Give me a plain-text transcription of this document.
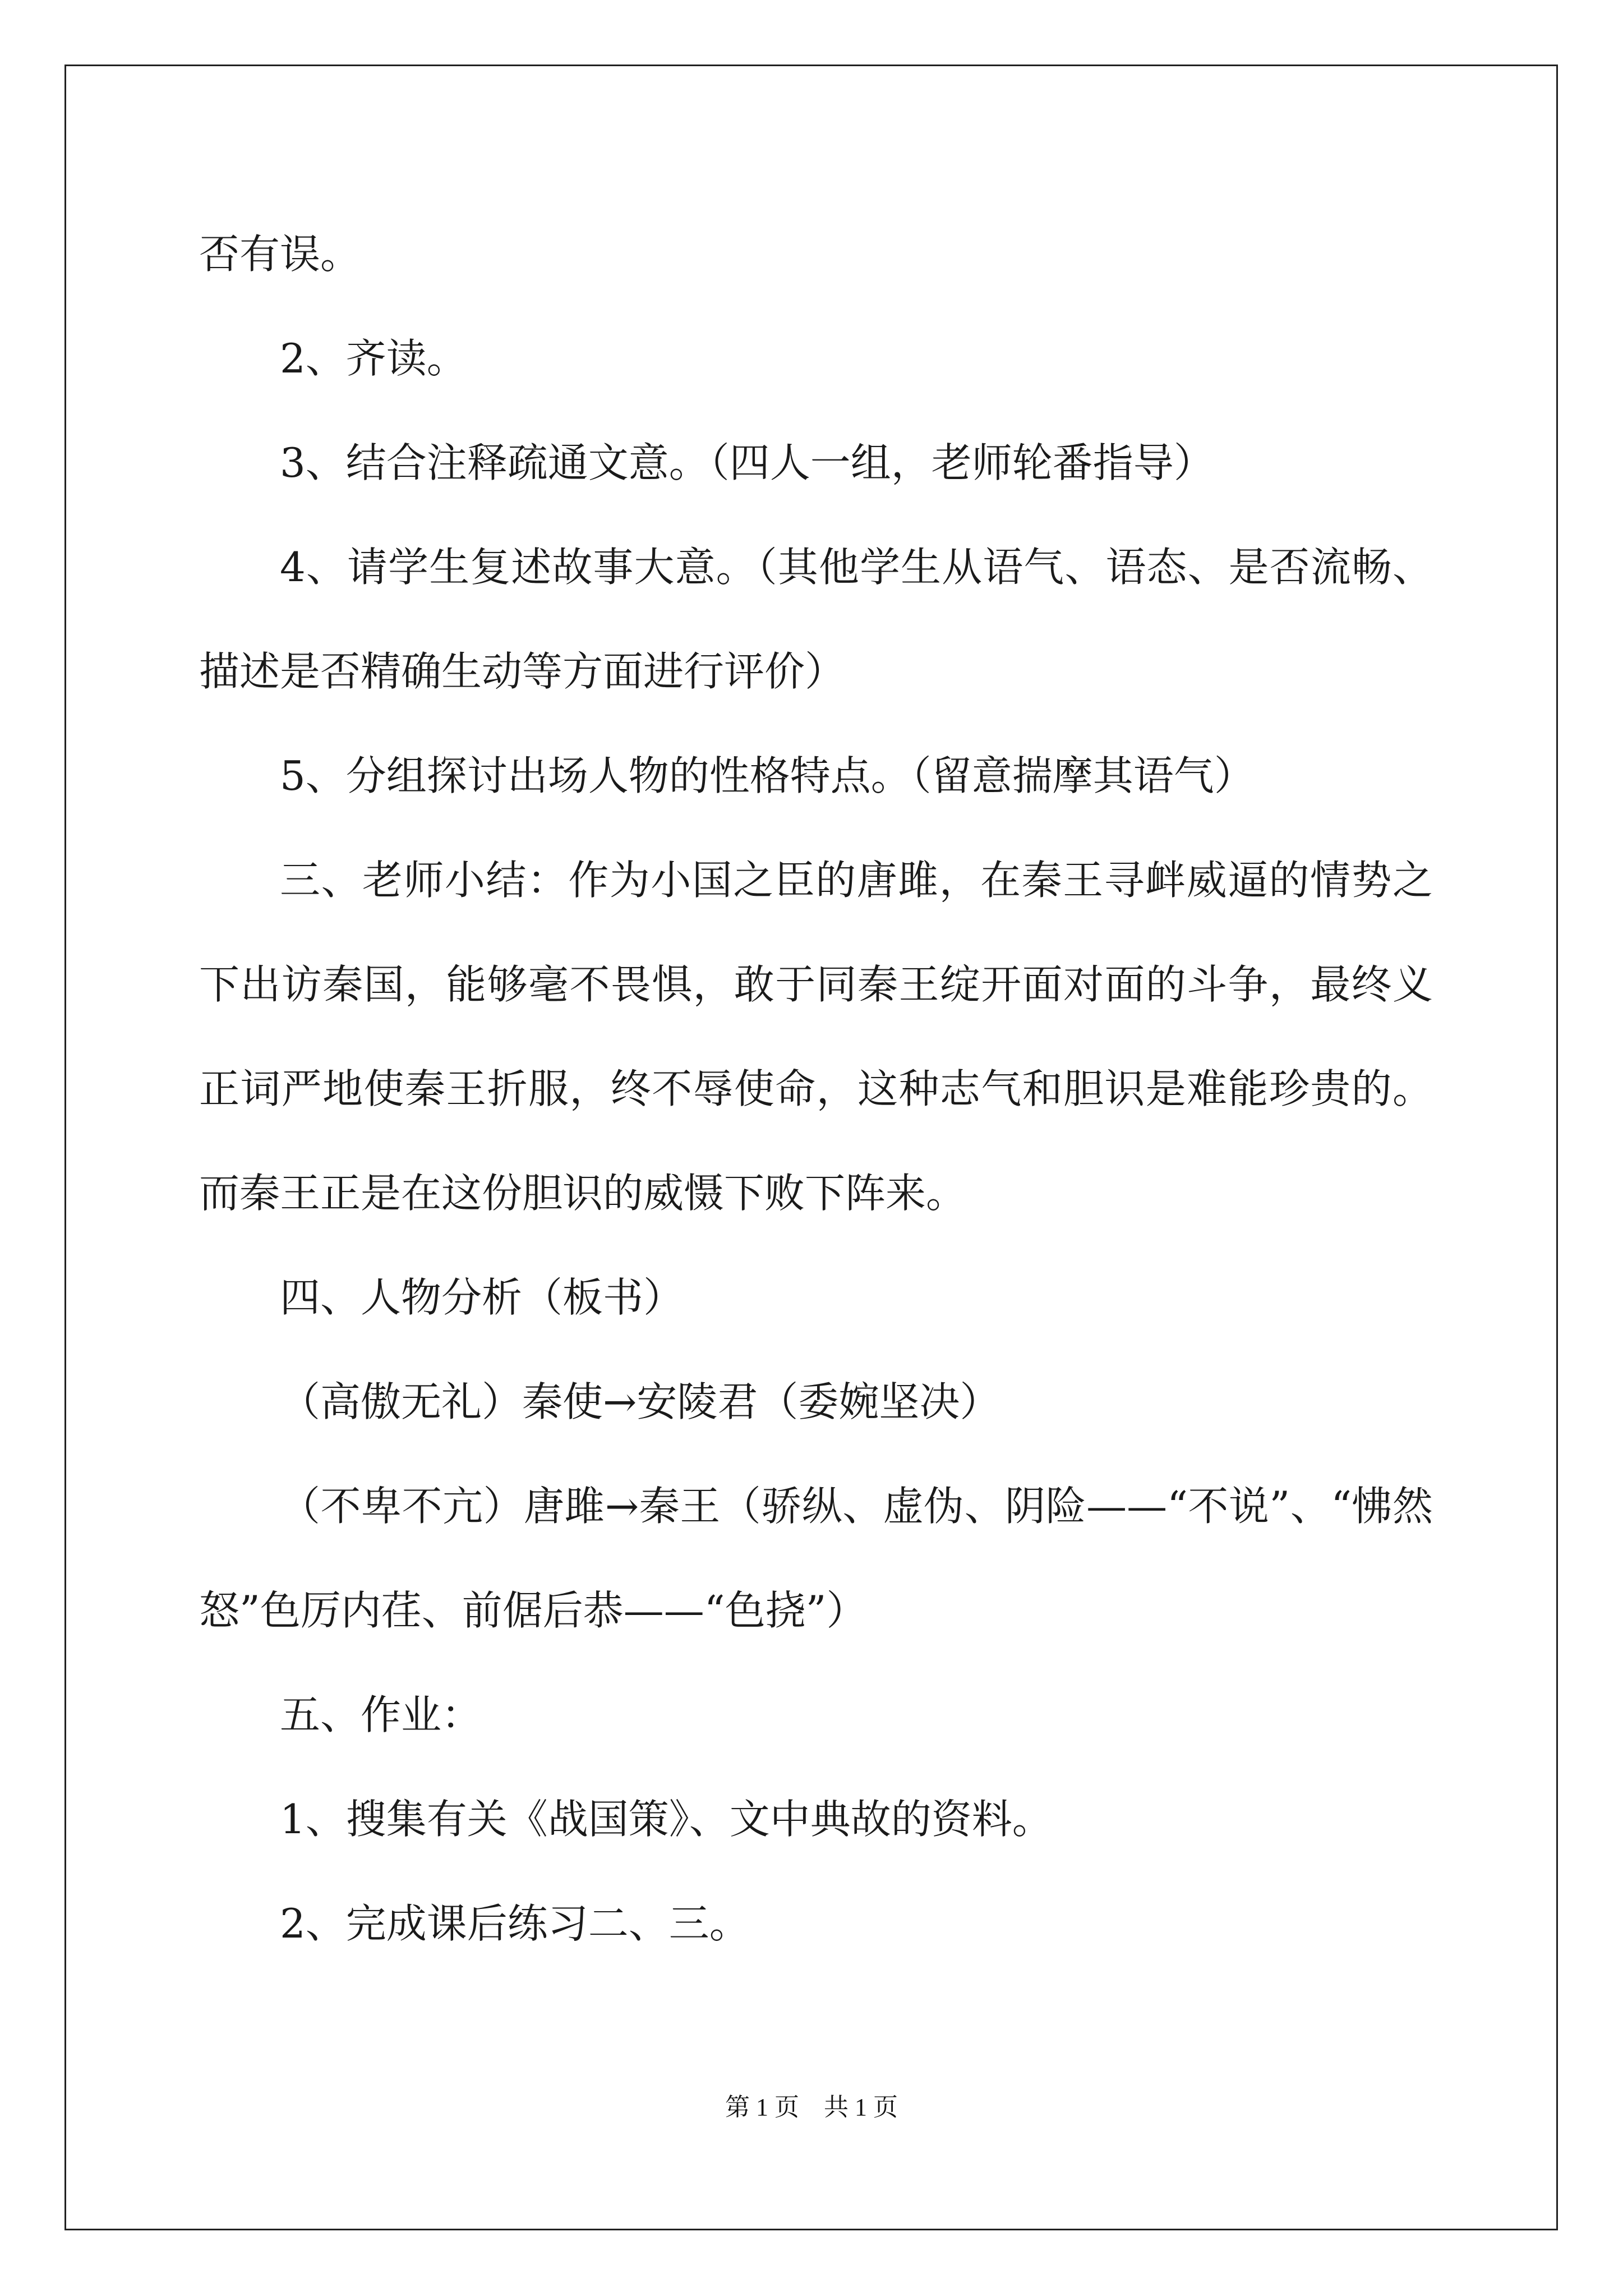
否有误。

2、齐读。

3、结合注释疏通文意。（四人一组，老师轮番指导）

4、请学生复述故事大意。（其他学生从语气、语态、是否流畅、描述是否精确生动等方面进行评价）

5、分组探讨出场人物的性格特点。（留意揣摩其语气）

三、老师小结：作为小国之臣的唐雎，在秦王寻衅威逼的情势之下出访秦国，能够毫不畏惧，敢于同秦王绽开面对面的斗争，最终义正词严地使秦王折服，终不辱使命，这种志气和胆识是难能珍贵的。而秦王正是在这份胆识的威慑下败下阵来。

四、人物分析（板书）

（高傲无礼）秦使→安陵君（委婉坚决）

（不卑不亢）唐雎→秦王（骄纵、虚伪、阴险——“不说”、“怫然怒”色厉内荏、前倨后恭——“色挠”）

五、作业：

1、搜集有关《战国策》、文中典故的资料。

2、完成课后练习二、三。

第 1 页　共 1 页
